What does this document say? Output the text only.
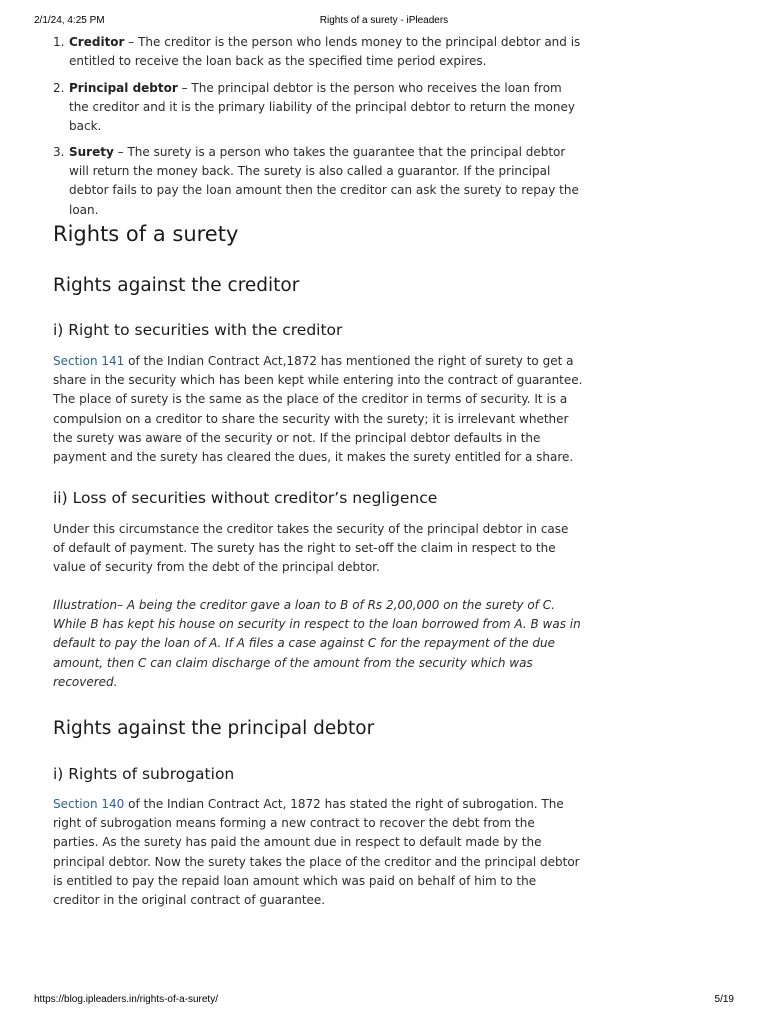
2/1/24, 4:25 PM	Rights of a surety - iPleaders
1. Creditor – The creditor is the person who lends money to the principal debtor and is entitled to receive the loan back as the specified time period expires.
2. Principal debtor – The principal debtor is the person who receives the loan from the creditor and it is the primary liability of the principal debtor to return the money back.
3. Surety – The surety is a person who takes the guarantee that the principal debtor will return the money back. The surety is also called a guarantor. If the principal debtor fails to pay the loan amount then the creditor can ask the surety to repay the loan.
Rights of a surety
Rights against the creditor
i) Right to securities with the creditor

Section 141 of the Indian Contract Act,1872 has mentioned the right of surety to get a share in the security which has been kept while entering into the contract of guarantee. The place of surety is the same as the place of the creditor in terms of security. It is a compulsion on a creditor to share the security with the surety; it is irrelevant whether the surety was aware of the security or not. If the principal debtor defaults in the payment and the surety has cleared the dues, it makes the surety entitled for a share.

ii) Loss of securities without creditor’s negligence

Under this circumstance the creditor takes the security of the principal debtor in case of default of payment. The surety has the right to set-off the claim in respect to the value of security from the debt of the principal debtor.

Illustration– A being the creditor gave a loan to B of Rs 2,00,000 on the surety of C. While B has kept his house on security in respect to the loan borrowed from A. B was in default to pay the loan of A. If A files a case against C for the repayment of the due amount, then C can claim discharge of the amount from the security which was recovered.

Rights against the principal debtor
i) Rights of subrogation

Section 140 of the Indian Contract Act, 1872 has stated the right of subrogation. The right of subrogation means forming a new contract to recover the debt from the parties. As the surety has paid the amount due in respect to default made by the principal debtor. Now the surety takes the place of the creditor and the principal debtor is entitled to pay the repaid loan amount which was paid on behalf of him to the creditor in the original contract of guarantee.

https://blog.ipleaders.in/rights-of-a-surety/	5/19
